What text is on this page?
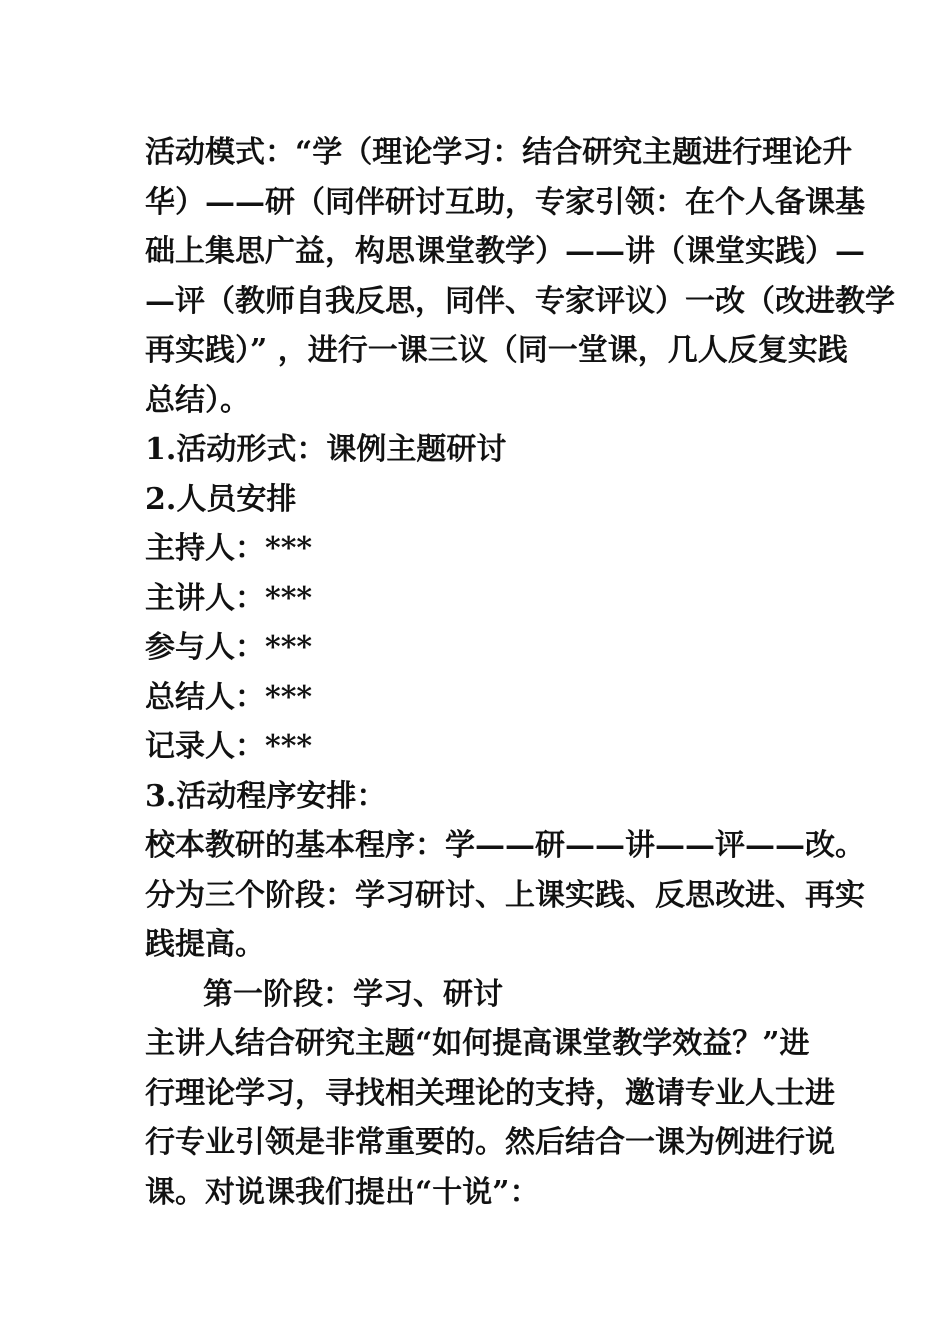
活动模式：“学（理论学习：结合研究主题进行理论升
华）——研（同伴研讨互助，专家引领：在个人备课基
础上集思广益，构思课堂教学）——讲（课堂实践）—
—评（教师自我反思，同伴、专家评议）一改（改进教学
再实践）” ，进行一课三议（同一堂课，几人反复实践
总结）。
1.活动形式：课例主题研讨
2.人员安排
主持人：***
主讲人：***
参与人：***
总结人：***
记录人：***
3.活动程序安排：
校本教研的基本程序：学——研——讲——评——改。
分为三个阶段：学习研讨、上课实践、反思改进、再实
践提高。
第一阶段：学习、研讨
主讲人结合研究主题“如何提高课堂教学效益？”进
行理论学习，寻找相关理论的支持，邀请专业人士进
行专业引领是非常重要的。然后结合一课为例进行说
课。对说课我们提出“十说”：
